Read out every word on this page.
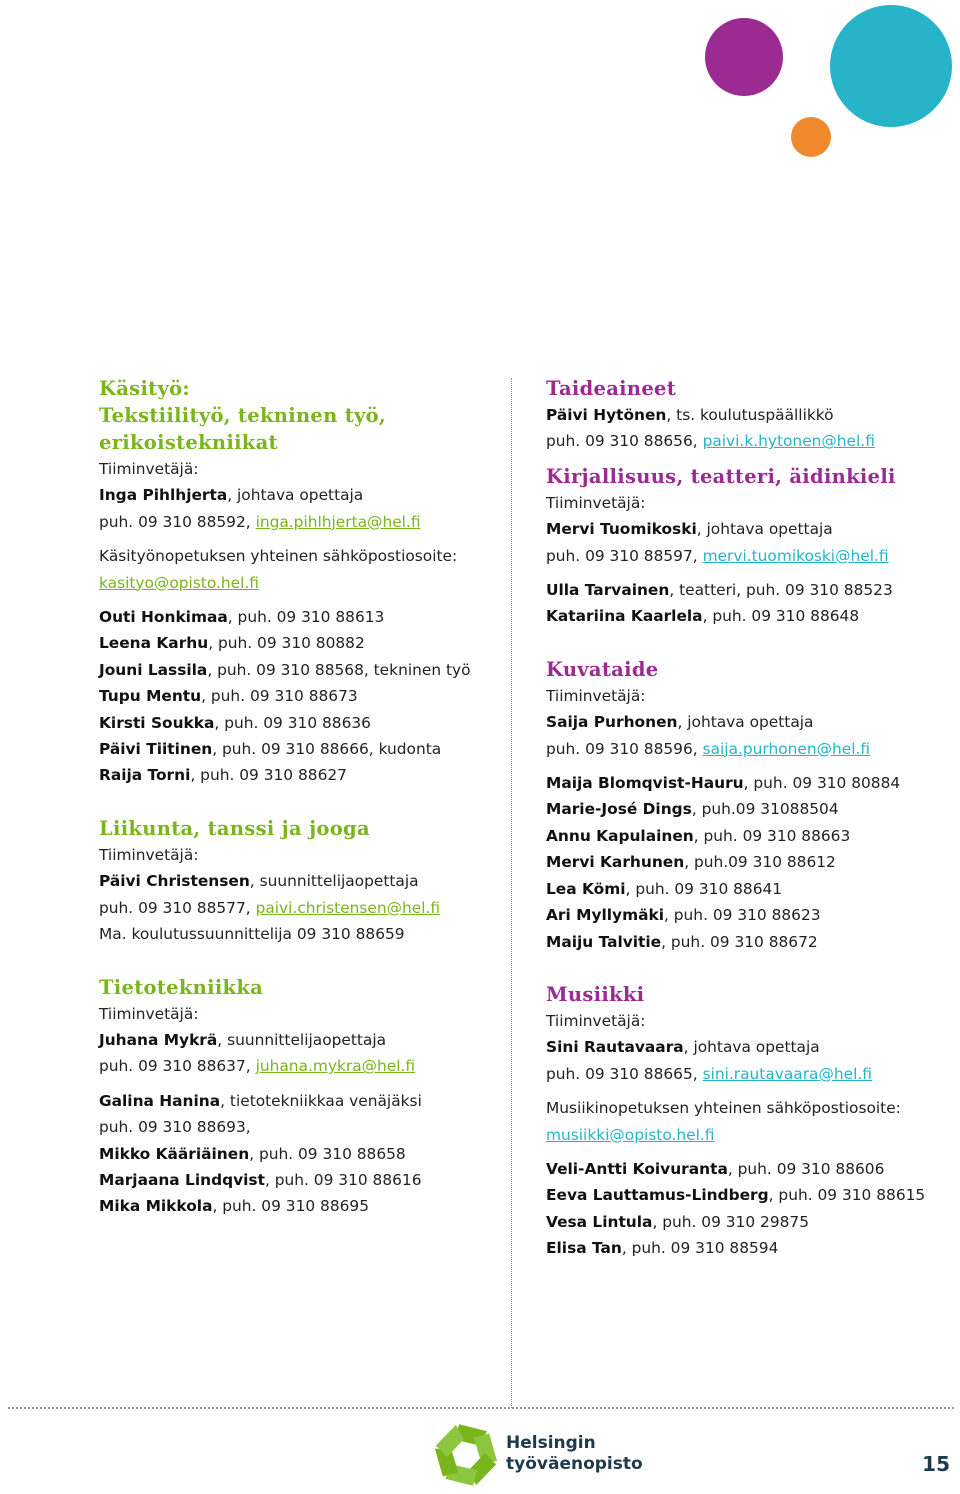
Käsityö:
Tekstiilityö, tekninen työ,
erikoistekniikat
Tiiminvetäjä:
Inga Pihlhjerta, johtava opettaja
puh. 09 310 88592, inga.pihlhjerta@hel.fi
Käsityönopetuksen yhteinen sähköpostiosoite:
kasityo@opisto.hel.fi
Outi Honkimaa, puh. 09 310 88613
Leena Karhu, puh. 09 310 80882
Jouni Lassila, puh. 09 310 88568, tekninen työ
Tupu Mentu, puh. 09 310 88673
Kirsti Soukka, puh. 09 310 88636
Päivi Tiitinen, puh. 09 310 88666, kudonta
Raija Torni, puh. 09 310 88627
Liikunta, tanssi ja jooga
Tiiminvetäjä:
Päivi Christensen, suunnittelijaopettaja
puh. 09 310 88577, paivi.christensen@hel.fi
Ma. koulutussuunnittelija 09 310 88659
Tietotekniikka
Tiiminvetäjä:
Juhana Mykrä, suunnittelijaopettaja
puh. 09 310 88637, juhana.mykra@hel.fi
Galina Hanina, tietotekniikkaa venäjäksi
puh. 09 310 88693,
Mikko Kääriäinen, puh. 09 310 88658
Marjaana Lindqvist, puh. 09 310 88616
Mika Mikkola, puh. 09 310 88695
Taideaineet
Päivi Hytönen, ts. koulutuspäällikkö
puh. 09 310 88656, paivi.k.hytonen@hel.fi
Kirjallisuus, teatteri, äidinkieli
Tiiminvetäjä:
Mervi Tuomikoski, johtava opettaja
puh. 09 310 88597, mervi.tuomikoski@hel.fi
Ulla Tarvainen, teatteri, puh. 09 310 88523
Katariina Kaarlela, puh. 09 310 88648
Kuvataide
Tiiminvetäjä:
Saija Purhonen, johtava opettaja
puh. 09 310 88596, saija.purhonen@hel.fi
Maija Blomqvist-Hauru, puh. 09 310 80884
Marie-José Dings, puh.09 31088504
Annu Kapulainen, puh. 09 310 88663
Mervi Karhunen, puh.09 310 88612
Lea Kömi, puh. 09 310 88641
Ari Myllymäki, puh. 09 310 88623
Maiju Talvitie, puh. 09 310 88672
Musiikki
Tiiminvetäjä:
Sini Rautavaara, johtava opettaja
puh. 09 310 88665, sini.rautavaara@hel.fi
Musiikinopetuksen yhteinen sähköpostiosoite:
musiikki@opisto.hel.fi
Veli-Antti Koivuranta, puh. 09 310 88606
Eeva Lauttamus-Lindberg, puh. 09 310 88615
Vesa Lintula, puh. 09 310 29875
Elisa Tan, puh. 09 310 88594
Helsingin
työväenopisto	15
